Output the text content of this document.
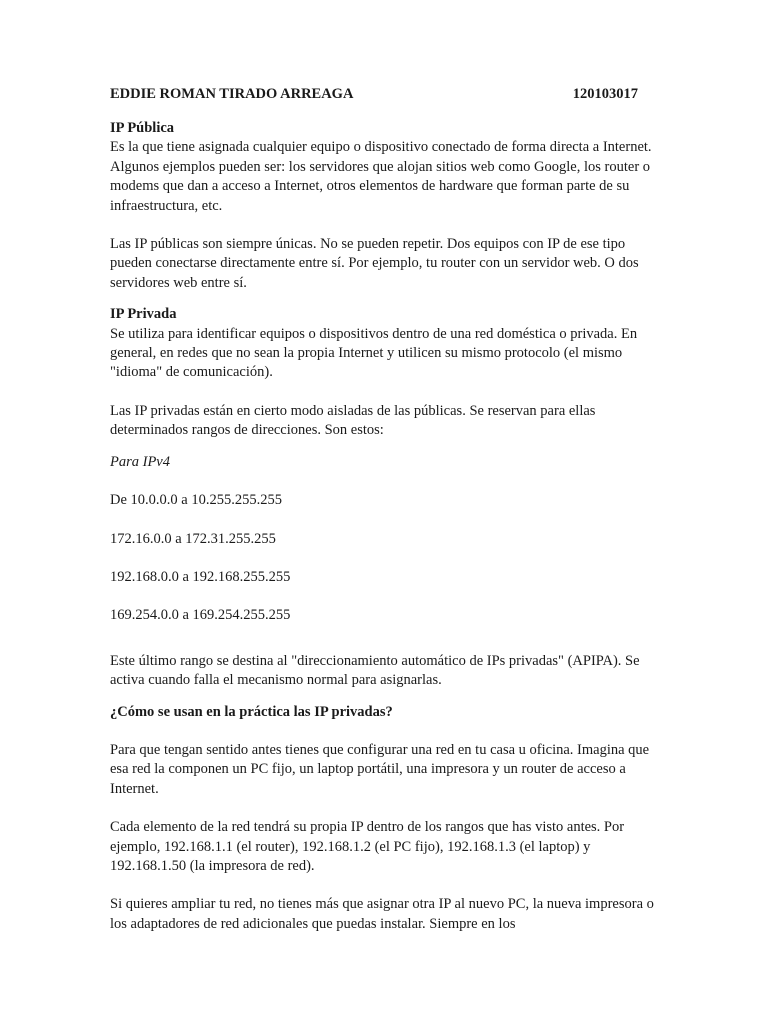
EDDIE ROMAN TIRADO ARREAGA	120103017
IP Pública

Es la que tiene asignada cualquier equipo o dispositivo conectado de forma directa a Internet. Algunos ejemplos pueden ser: los servidores que alojan sitios web como Google, los router o modems que dan a acceso a Internet, otros elementos de hardware que forman parte de su infraestructura, etc.

Las IP públicas son siempre únicas. No se pueden repetir. Dos equipos con IP de ese tipo pueden conectarse directamente entre sí. Por ejemplo, tu router con un servidor web. O dos servidores web entre sí.

IP Privada

Se utiliza para identificar equipos o dispositivos dentro de una red doméstica o privada. En general, en redes que no sean la propia Internet y utilicen su mismo protocolo (el mismo "idioma" de comunicación).

Las IP privadas están en cierto modo aisladas de las públicas. Se reservan para ellas determinados rangos de direcciones. Son estos:

Para IPv4

De 10.0.0.0 a 10.255.255.255

172.16.0.0 a 172.31.255.255

192.168.0.0 a 192.168.255.255

169.254.0.0 a 169.254.255.255

Este último rango se destina al "direccionamiento automático de IPs privadas" (APIPA). Se activa cuando falla el mecanismo normal para asignarlas.

¿Cómo se usan en la práctica las IP privadas?

Para que tengan sentido antes tienes que configurar una red en tu casa u oficina. Imagina que esa red la componen un PC fijo, un laptop portátil, una impresora y un router de acceso a Internet.

Cada elemento de la red tendrá su propia IP dentro de los rangos que has visto antes. Por ejemplo, 192.168.1.1 (el router), 192.168.1.2 (el PC fijo), 192.168.1.3 (el laptop) y 192.168.1.50 (la impresora de red).

Si quieres ampliar tu red, no tienes más que asignar otra IP al nuevo PC, la nueva impresora o los adaptadores de red adicionales que puedas instalar. Siempre en los
